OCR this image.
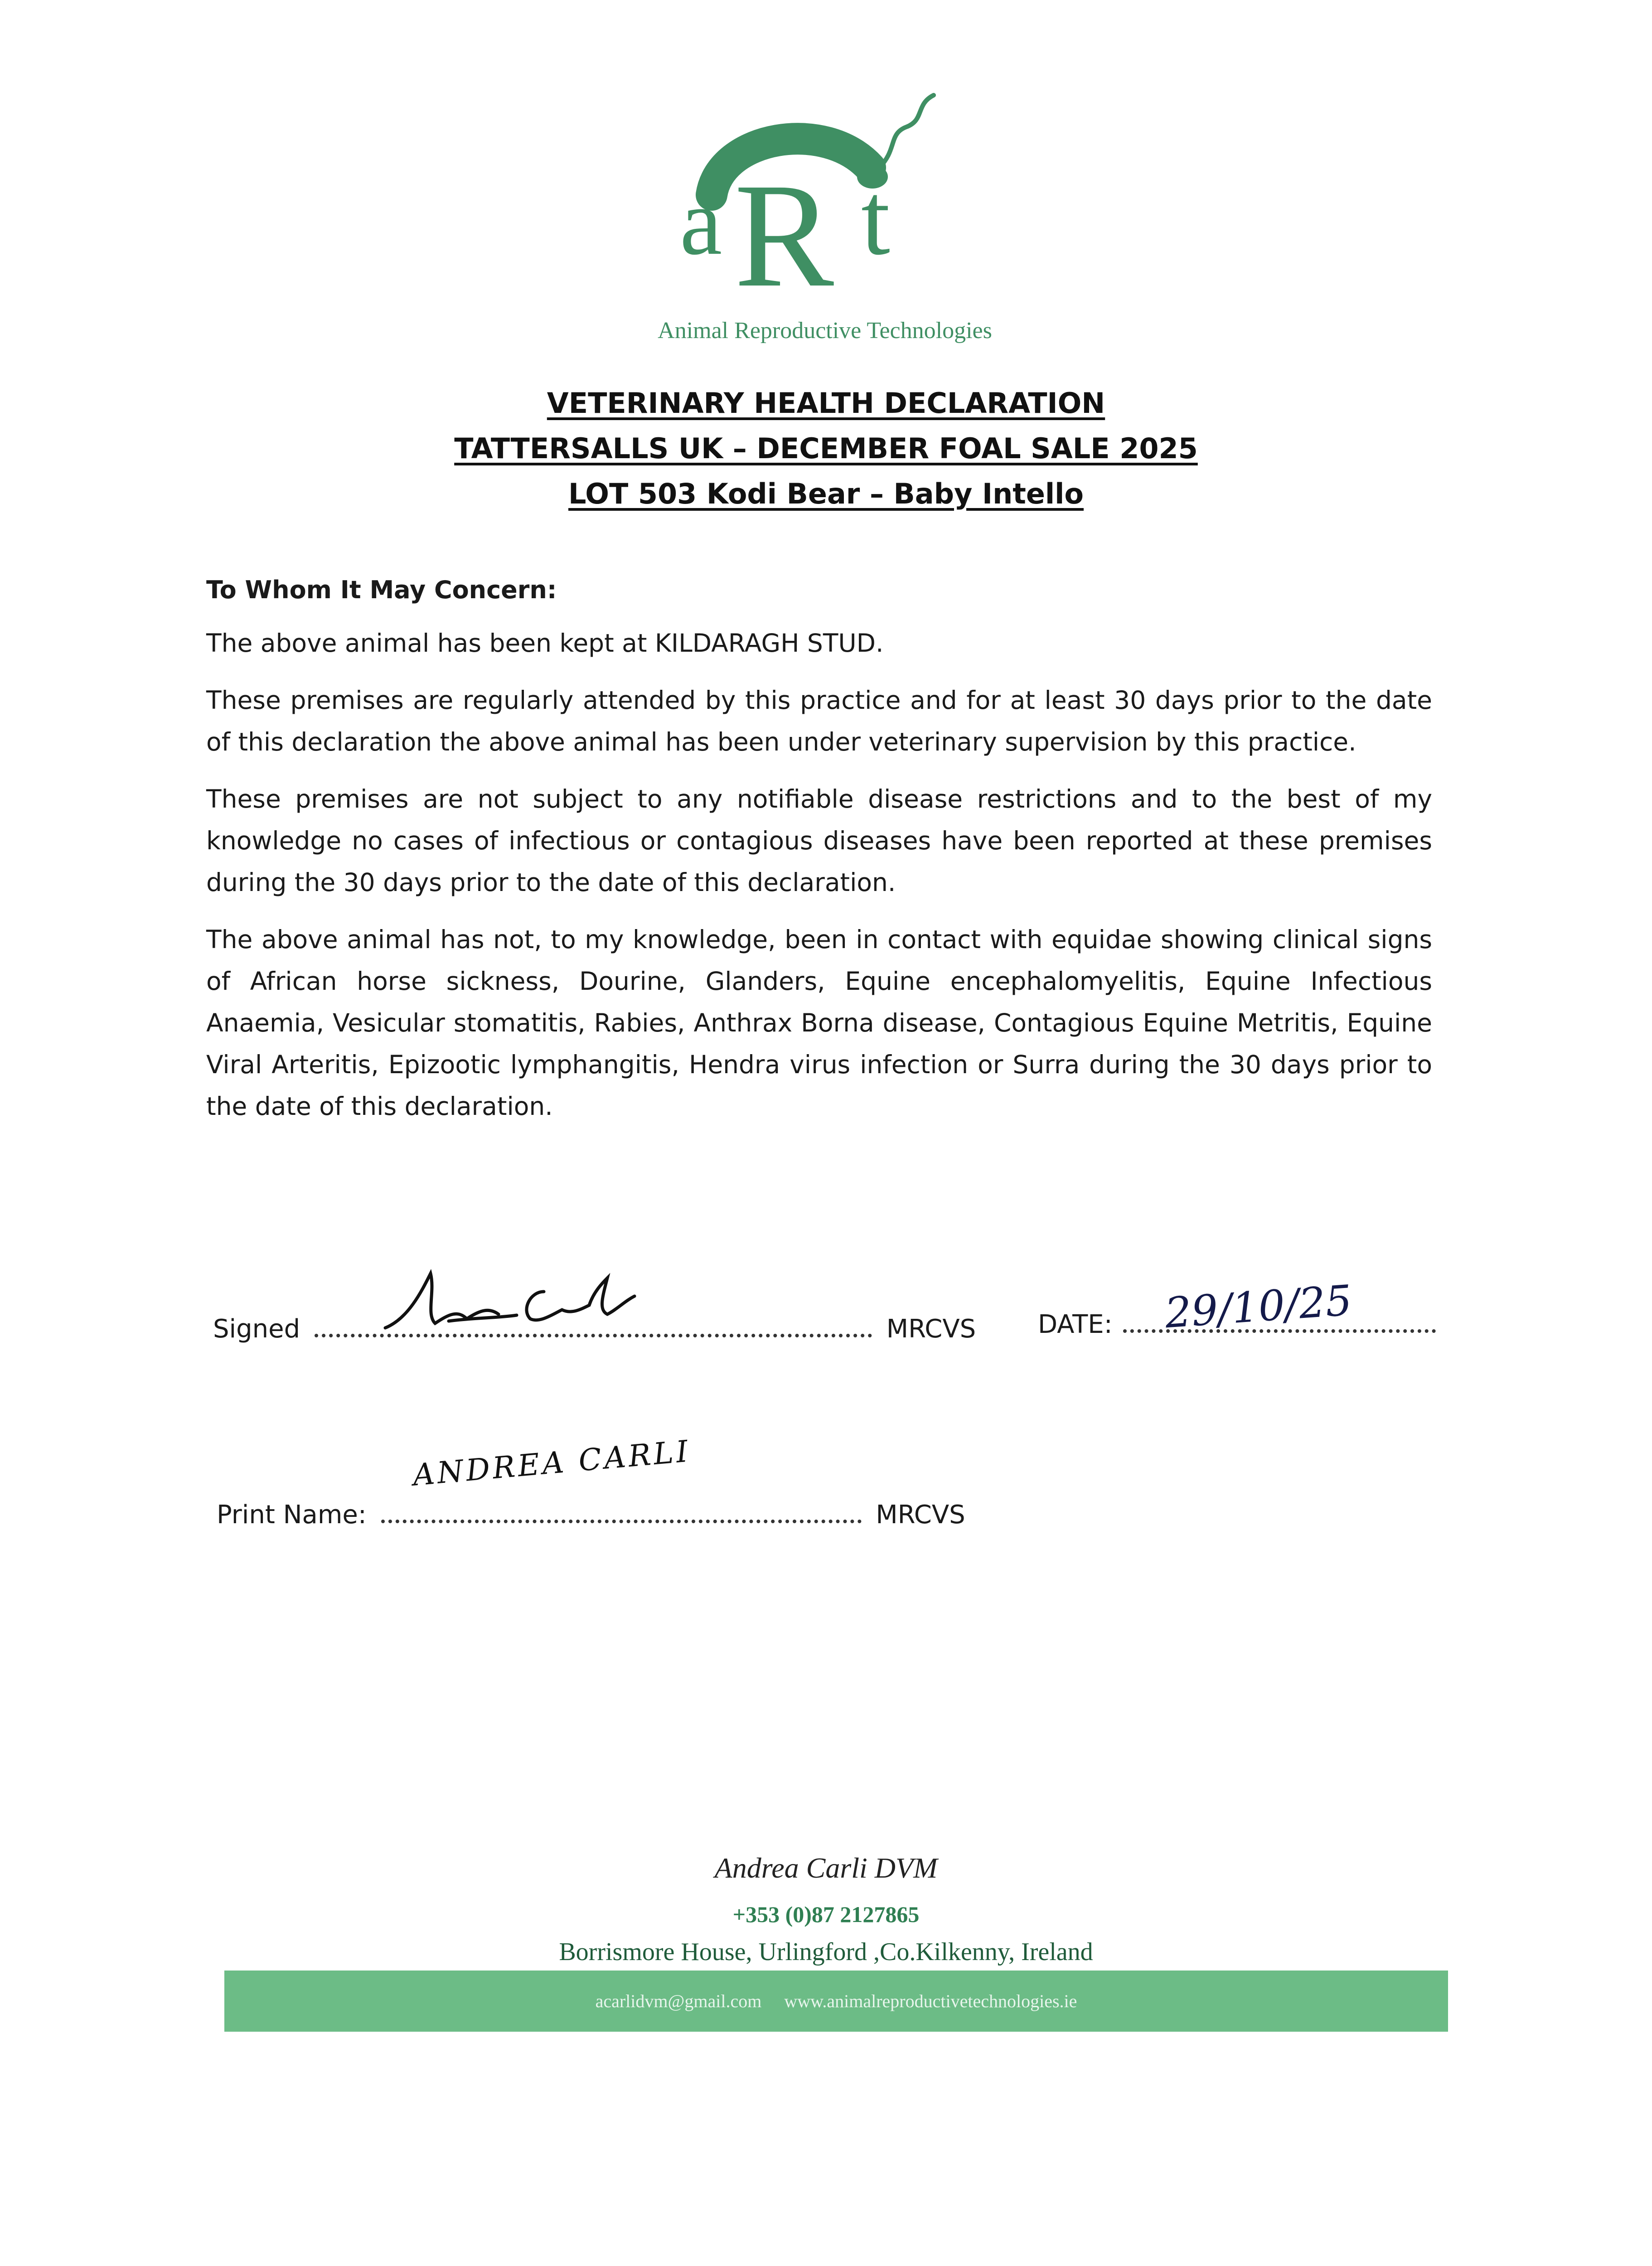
a R t
Animal Reproductive Technologies
VETERINARY HEALTH DECLARATION
TATTERSALLS UK – DECEMBER FOAL SALE 2025
LOT 503 Kodi Bear – Baby Intello
To Whom It May Concern:

The above animal has been kept at KILDARAGH STUD.

These premises are regularly attended by this practice and for at least 30 days prior to the date of this declaration the above animal has been under veterinary supervision by this practice.

These premises are not subject to any notifiable disease restrictions and to the best of my knowledge no cases of infectious or contagious diseases have been reported at these premises during the 30 days prior to the date of this declaration.

The above animal has not, to my knowledge, been in contact with equidae showing clinical signs of African horse sickness, Dourine, Glanders, Equine encephalomyelitis, Equine Infectious Anaemia, Vesicular stomatitis, Rabies, Anthrax Borna disease, Contagious Equine Metritis, Equine Viral Arteritis, Epizootic lymphangitis, Hendra virus infection or Surra during the 30 days prior to the date of this declaration.

Signed	MRCVS DATE:	29/10/25
Print Name:	MRCVS
ANDREA CARLI
Andrea Carli DVM
+353 (0)87 2127865
Borrismore House, Urlingford ,Co.Kilkenny, Ireland
acarlidvm@gmail.com www.animalreproductivetechnologies.ie
